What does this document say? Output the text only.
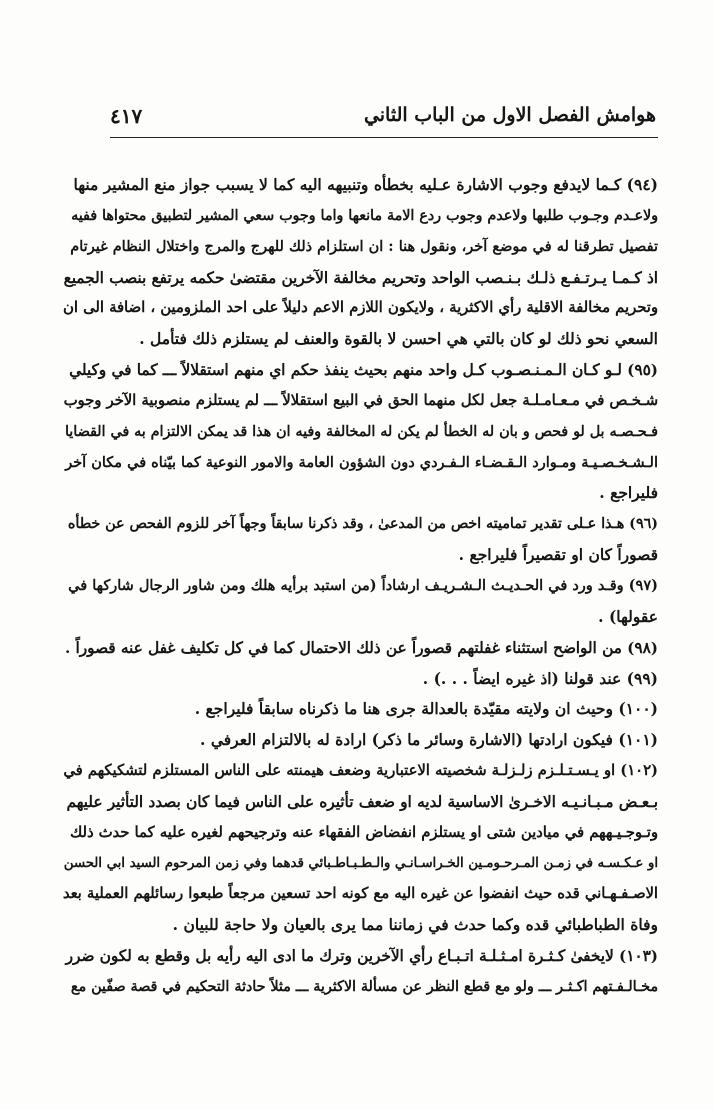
هوامش الفصل الاول من الباب الثاني
٤١٧

(٩٤) كـما لايدفع وجوب الاشارة عـليه بخطأه وتنبيهه اليه كما لا يسبب جواز منع المشير منها
ولاعـدم وجـوب طلبها ولاعدم وجوب ردع الامة مانعها واما وجوب سعي المشير لتطبيق محتواها ففيه
تفصيل تطرقنا له في موضع آخر، ونقول هنا : ان استلزام ذلك للهرج والمرج واختلال النظام غيرتام
اذ كـمـا يـرتـفـع ذلـك بـنـصب الواحد وتحريم مخالفة الآخرين مقتضىٰ حكمه يرتفع بنصب الجميع
وتحريم مخالفة الاقلية رأي الاكثرية ، ولايكون اللازم الاعم دليلاً على احد الملزومين ، اضافة الى ان
السعي نحو ذلك لو كان بالتي هي احسن لا بالقوة والعنف لم يستلزم ذلك فتأمل .

(٩٥) لـو كـان الـمـنـصـوب كـل واحد منهم بحيث ينفذ حكم اي منهم استقلالاً ـــ كما في وكيلي
شـخـص في مـعـامـلـة جعل لكل منهما الحق في البيع استقلالاً ـــ لم يستلزم منصوبية الآخر وجوب
فـحـصـه بل لو فحص و بان له الخطأ لم يكن له المخالفة وفيه ان هذا قد يمكن الالتزام به في القضايا
الـشـخـصـيـة ومـوارد الـقـضـاء الـفـردي دون الشؤون العامة والامور النوعية كما بيّناه في مكان آخر
فليراجع .

(٩٦) هـذا عـلى تقدير تماميته اخص من المدعىٰ ، وقد ذكرنا سابقاً وجهاً آخر للزوم الفحص عن خطأه
قصوراً كان او تقصيراً فليراجع .

(٩٧) وقـد ورد في الحـديـث الـشـريـف ارشاداً (من استبد برأيه هلك ومن شاور الرجال شاركها في
عقولها) .

(٩٨) من الواضح استثناء غفلتهم قصوراً عن ذلك الاحتمال كما في كل تكليف غفل عنه قصوراً .

(٩٩) عند قولنا (اذ غيره ايضاً . . .) .

(١٠٠) وحيث ان ولايته مقيّدة بالعدالة جرى هنا ما ذكرناه سابقاً فليراجع .

(١٠١) فيكون ارادتها (الاشارة وسائر ما ذكر) ارادة له بالالتزام العرفي .

(١٠٢) او يـسـتـلـزم زلـزلـة شخصيته الاعتبارية وضعف هيمنته على الناس المستلزم لتشكيكهم في
بـعـض مـبـانـيـه الاخـرىٰ الاساسية لديه او ضعف تأثيره على الناس فيما كان بصدد التأثير عليهم
وتـوجـيـههم في ميادين شتى او يستلزم انفضاض الفقهاء عنه وترجيحهم لغيره عليه كما حدث ذلك
او عـكـسـه في زمـن المـرحـومـين الخـراسـانـي والـطـبـاطـبائي قدهما وفي زمن المرحوم السيد ابي الحسن
الاصـفـهـاني قده حيث انفضوا عن غيره اليه مع كونه احد تسعين مرجعاً طبعوا رسائلهم العملية بعد
وفاة الطباطبائي قده وكما حدث في زماننا مما يرى بالعيان ولا حاجة للبيان .

(١٠٣) لايخفىٰ كـثـرة امـثـلـة اتـبـاع رأي الآخرين وترك ما ادى اليه رأيه بل وقطع به لكون ضرر
مخـالـفـتهم اكـثـر ـــ ولو مع قطع النظر عن مسألة الاكثرية ـــ مثلاً حادثة التحكيم في قصة صفّين مع
